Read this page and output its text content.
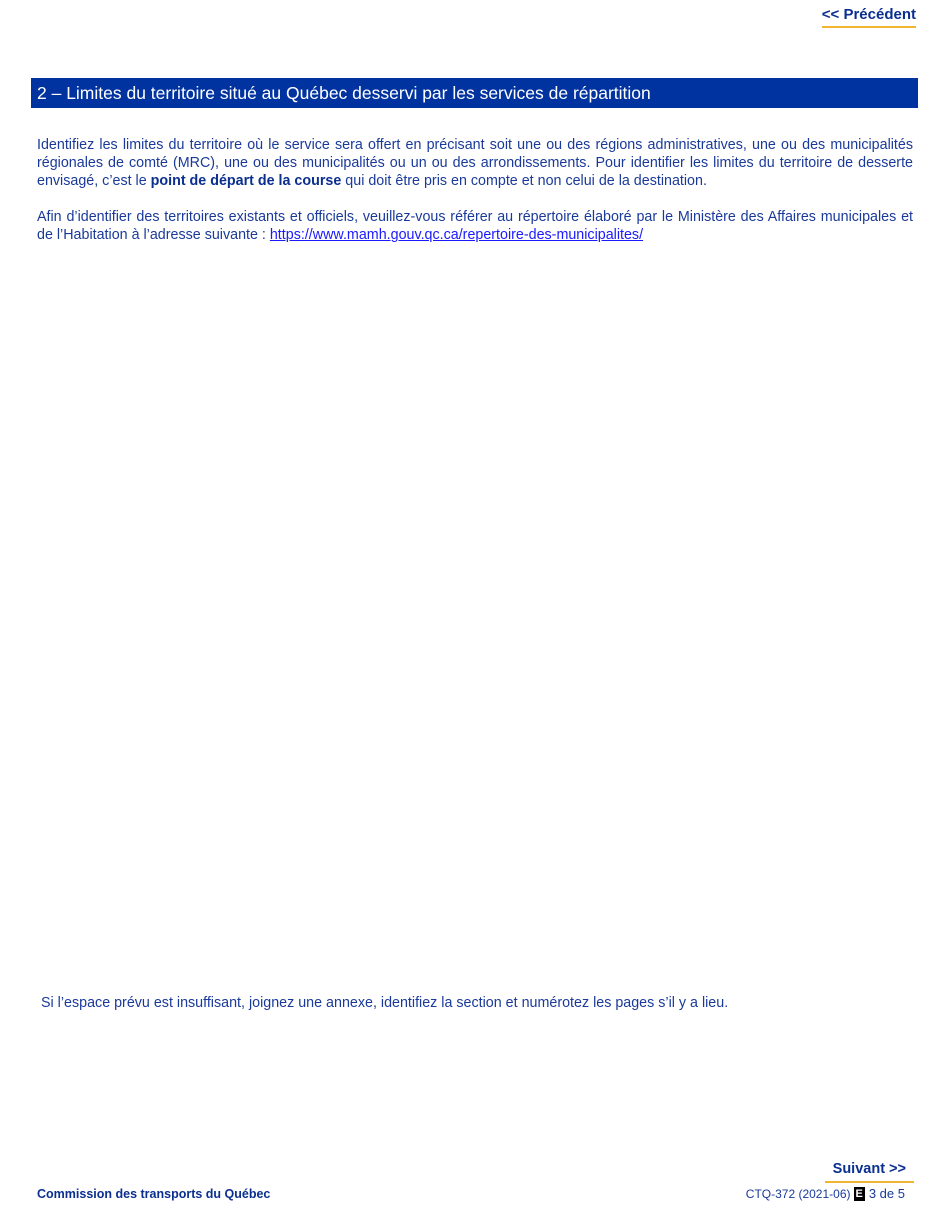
<< Précédent
2 – Limites du territoire situé au Québec desservi par les services de répartition
Identifiez les limites du territoire où le service sera offert en précisant soit une ou des régions administratives, une ou des municipalités régionales de comté (MRC), une ou des municipalités ou un ou des arrondissements. Pour identifier les limites du territoire de desserte envisagé, c’est le point de départ de la course qui doit être pris en compte et non celui de la destination.
Afin d’identifier des territoires existants et officiels, veuillez-vous référer au répertoire élaboré par le Ministère des Affaires municipales et de l’Habitation à l’adresse suivante : https://www.mamh.gouv.qc.ca/repertoire-des-municipalites/
Si l’espace prévu est insuffisant, joignez une annexe, identifiez la section et numérotez les pages s’il y a lieu.
Suivant >>
Commission des transports du Québec	CTQ-372 (2021-06) E 3 de 5
